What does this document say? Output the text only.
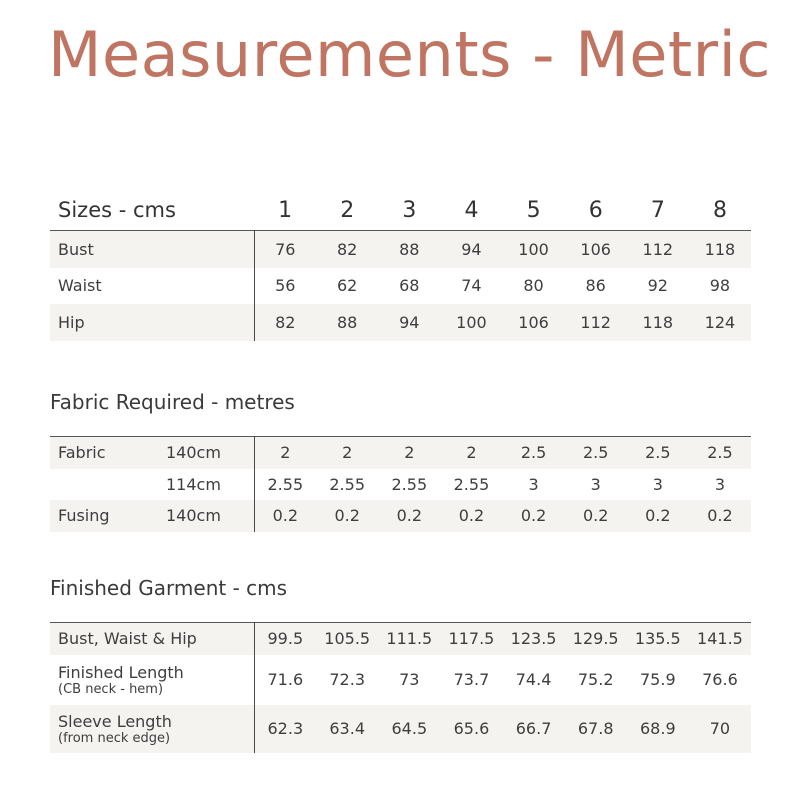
Measurements - Metric
Sizes - cms	1	2	3	4	5	6	7	8
Bust	76	82	88	94	100	106	112	118
Waist	56	62	68	74	80	86	92	98
Hip	82	88	94	100	106	112	118	124
Fabric Required - metres
Fabric	140cm	2	2	2	2	2.5	2.5	2.5	2.5
	114cm	2.55	2.55	2.55	2.55	3	3	3	3
Fusing	140cm	0.2	0.2	0.2	0.2	0.2	0.2	0.2	0.2
Finished Garment - cms
Bust, Waist & Hip	99.5	105.5	111.5	117.5	123.5	129.5	135.5	141.5

Finished Length
(CB neck - hem)	71.6	72.3	73	73.7	74.4	75.2	75.9	76.6

Sleeve Length
(from neck edge)	62.3	63.4	64.5	65.6	66.7	67.8	68.9	70
